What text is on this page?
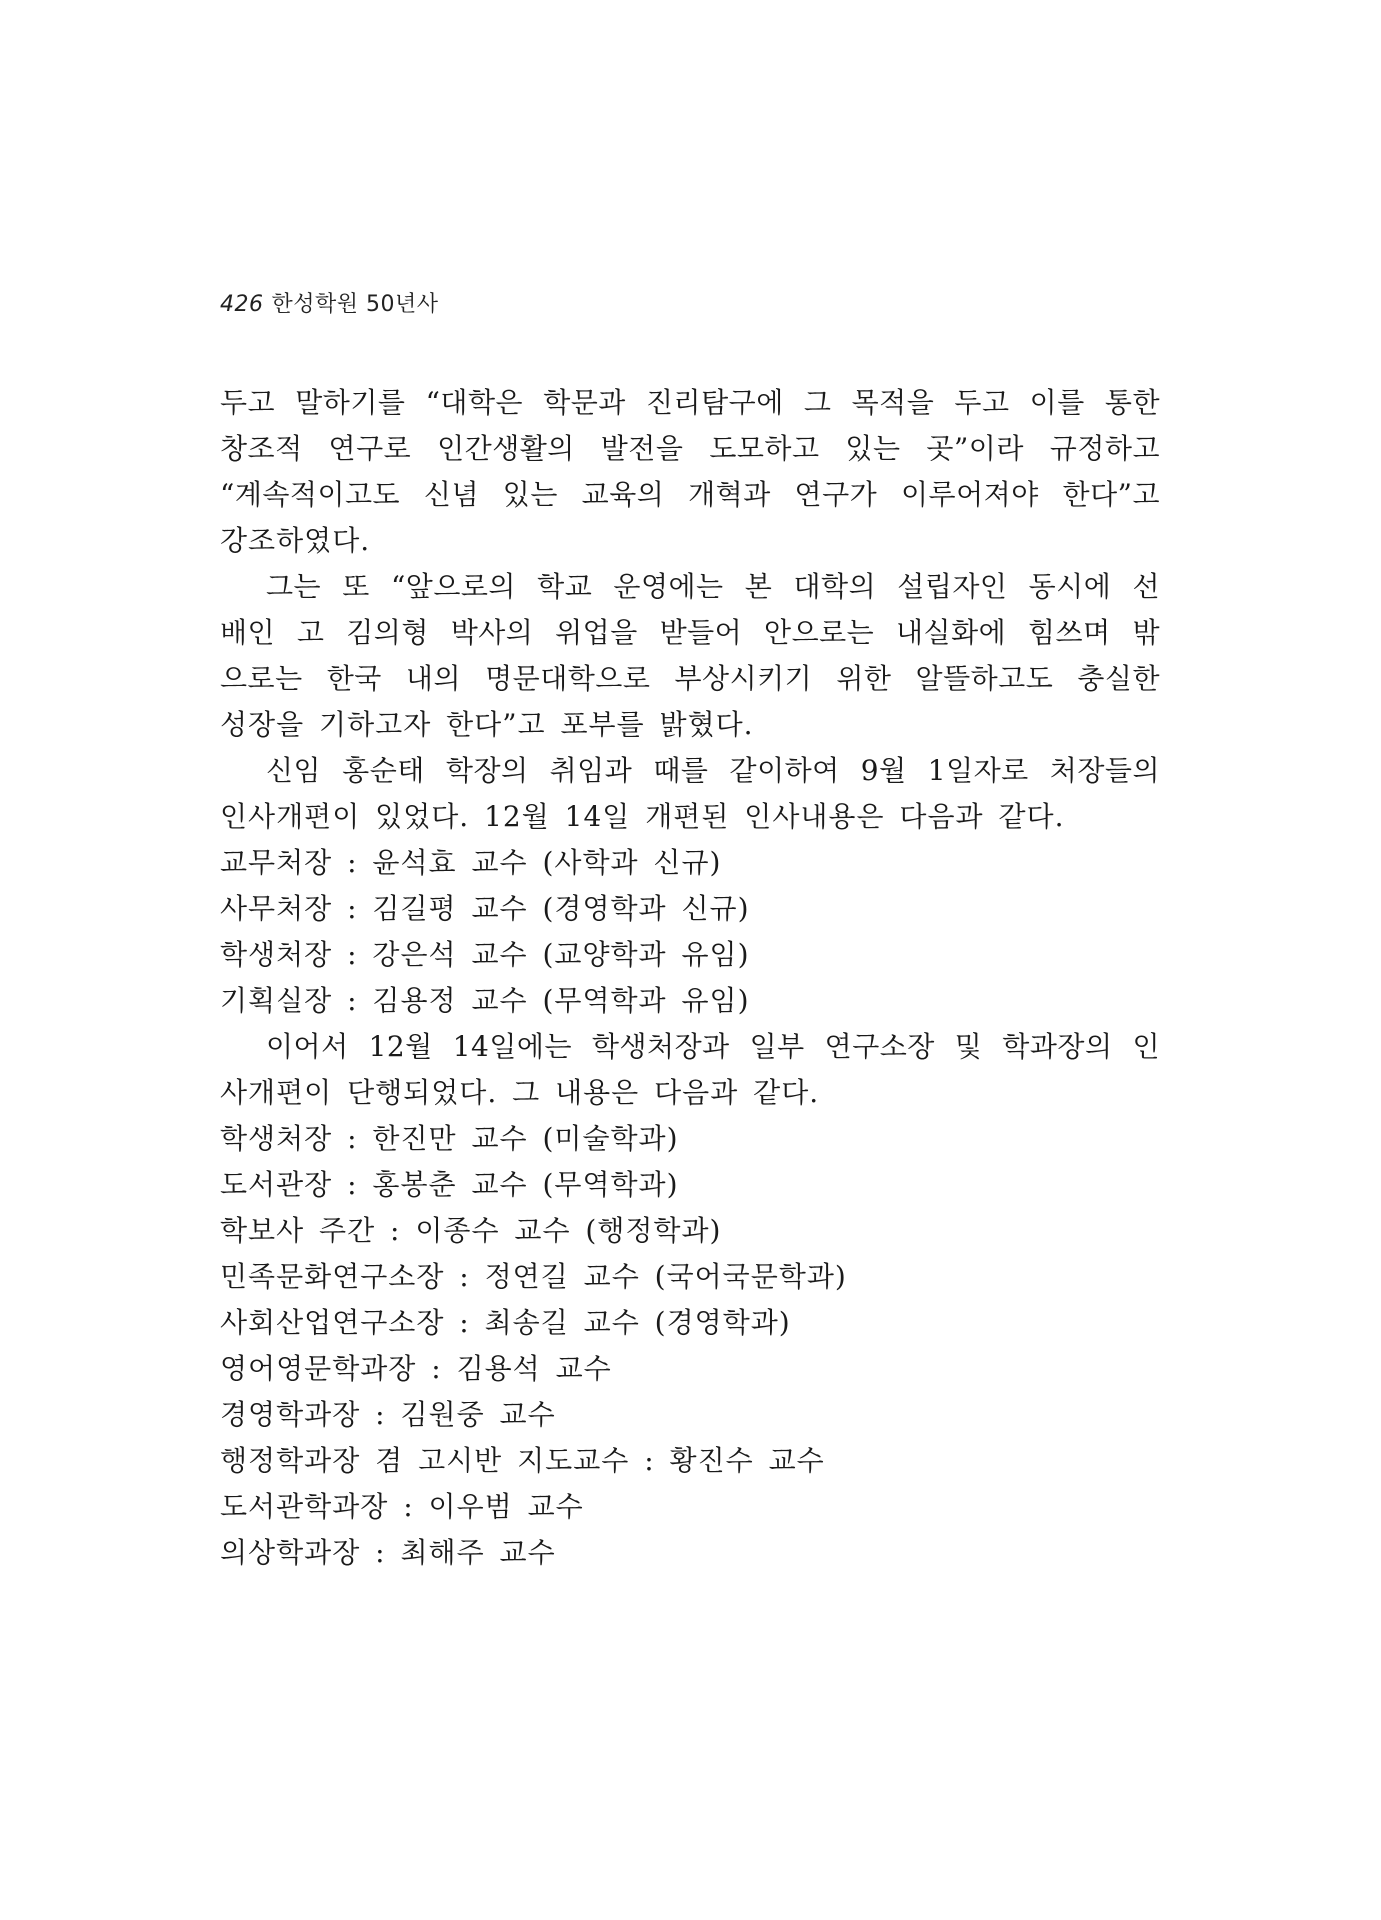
426 한성학원 50년사
두고 말하기를 “대학은 학문과 진리탐구에 그 목적을 두고 이를 통한
창조적 연구로 인간생활의 발전을 도모하고 있는 곳”이라 규정하고
“계속적이고도 신념 있는 교육의 개혁과 연구가 이루어져야 한다”고
강조하였다.
그는 또 “앞으로의 학교 운영에는 본 대학의 설립자인 동시에 선
배인 고 김의형 박사의 위업을 받들어 안으로는 내실화에 힘쓰며 밖
으로는 한국 내의 명문대학으로 부상시키기 위한 알뜰하고도 충실한
성장을 기하고자 한다”고 포부를 밝혔다.
신임 홍순태 학장의 취임과 때를 같이하여 9월 1일자로 처장들의
인사개편이 있었다. 12월 14일 개편된 인사내용은 다음과 같다.
교무처장 : 윤석효 교수 (사학과 신규)
사무처장 : 김길평 교수 (경영학과 신규)
학생처장 : 강은석 교수 (교양학과 유임)
기획실장 : 김용정 교수 (무역학과 유임)
이어서 12월 14일에는 학생처장과 일부 연구소장 및 학과장의 인
사개편이 단행되었다. 그 내용은 다음과 같다.
학생처장 : 한진만 교수 (미술학과)
도서관장 : 홍봉춘 교수 (무역학과)
학보사 주간 : 이종수 교수 (행정학과)
민족문화연구소장 : 정연길 교수 (국어국문학과)
사회산업연구소장 : 최송길 교수 (경영학과)
영어영문학과장 : 김용석 교수
경영학과장 : 김원중 교수
행정학과장 겸 고시반 지도교수 : 황진수 교수
도서관학과장 : 이우범 교수
의상학과장 : 최해주 교수
